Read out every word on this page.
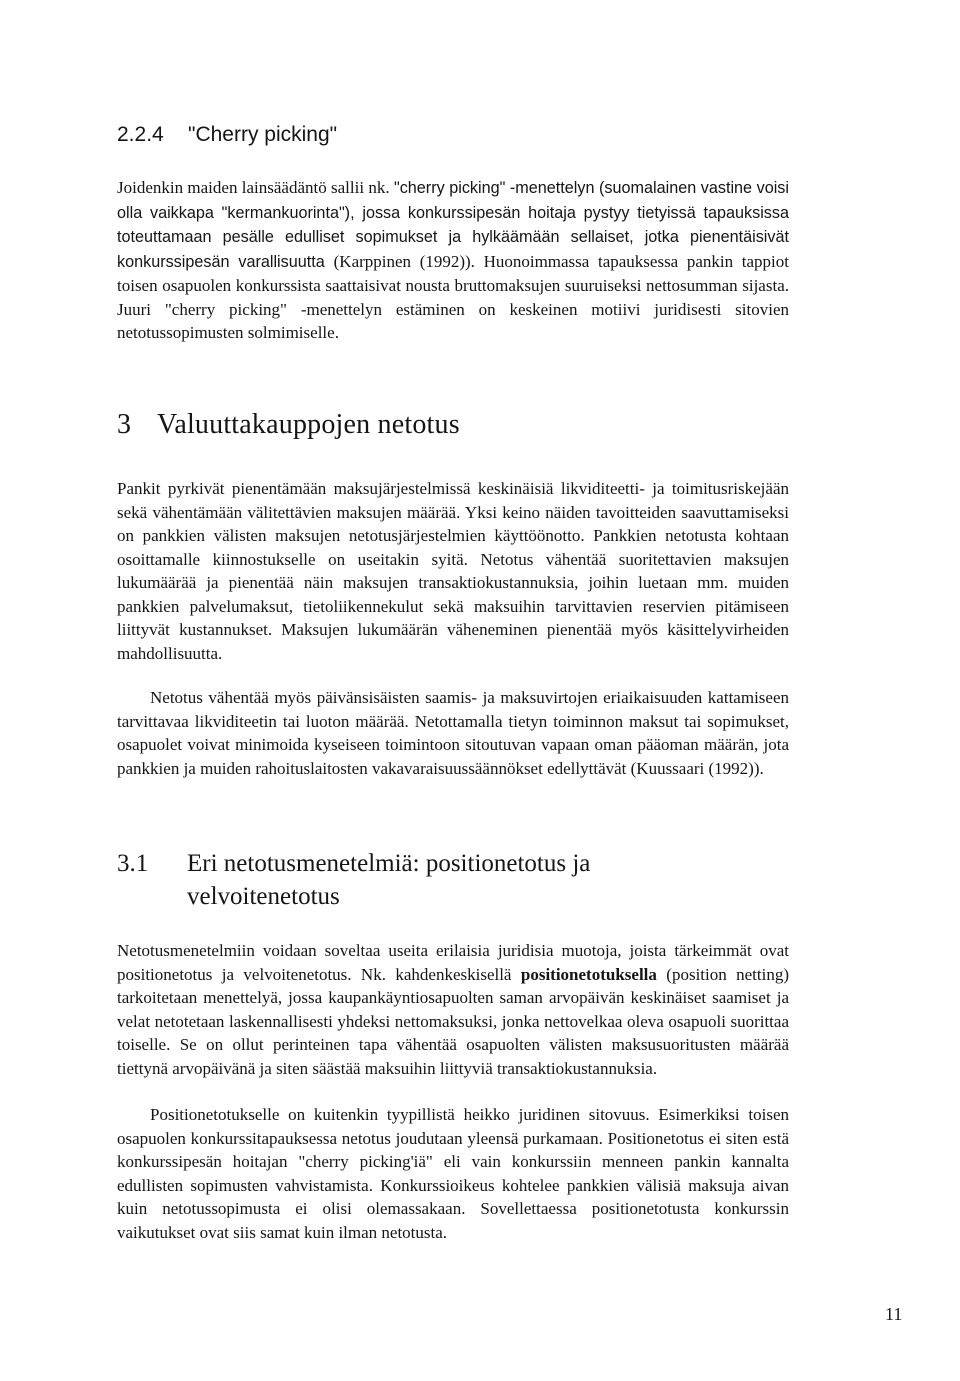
2.2.4 "Cherry picking"
Joidenkin maiden lainsäädäntö sallii nk. "cherry picking" -menettelyn (suomalainen vastine voisi olla vaikkapa "kermankuorinta"), jossa konkurssipesän hoitaja pystyy tietyissä tapauksissa toteuttamaan pesälle edulliset sopimukset ja hylkäämään sellaiset, jotka pienentäisivät konkurssipesän varallisuutta (Karppinen (1992)). Huonoimmassa tapauksessa pankin tappiot toisen osapuolen konkurssista saattaisivat nousta bruttomaksujen suuruiseksi nettosumman sijasta. Juuri "cherry picking" -menettelyn estäminen on keskeinen motiivi juridisesti sitovien netotussopimusten solmimiselle.
3 Valuuttakauppojen netotus
Pankit pyrkivät pienentämään maksujärjestelmissä keskinäisiä likviditeetti- ja toimitusriskejään sekä vähentämään välitettävien maksujen määrää. Yksi keino näiden tavoitteiden saavuttamiseksi on pankkien välisten maksujen netotusjärjestelmien käyttöönotto. Pankkien netotusta kohtaan osoittamalle kiinnostukselle on useitakin syitä. Netotus vähentää suoritettavien maksujen lukumäärää ja pienentää näin maksujen transaktiokustannuksia, joihin luetaan mm. muiden pankkien palvelumaksut, tietoliikennekulut sekä maksuihin tarvittavien reservien pitämiseen liittyvät kustannukset. Maksujen lukumäärän väheneminen pienentää myös käsittelyvirheiden mahdollisuutta.
Netotus vähentää myös päivänsisäisten saamis- ja maksuvirtojen eriaikaisuuden kattamiseen tarvittavaa likviditeetin tai luoton määrää. Netottamalla tietyn toiminnon maksut tai sopimukset, osapuolet voivat minimoida kyseiseen toimintoon sitoutuvan vapaan oman pääoman määrän, jota pankkien ja muiden rahoituslaitosten vakavaraisuussäännökset edellyttävät (Kuussaari (1992)).
3.1 Eri netotusmenetelmiä: positionetotus ja velvoitenetotus
Netotusmenetelmiin voidaan soveltaa useita erilaisia juridisia muotoja, joista tärkeimmät ovat positionetotus ja velvoitenetotus. Nk. kahdenkeskisellä positionetotuksella (position netting) tarkoitetaan menettelyä, jossa kaupankäyntiosapuolten saman arvopäivän keskinäiset saamiset ja velat netotetaan laskennallisesti yhdeksi nettomaksuksi, jonka nettovelkaa oleva osapuoli suorittaa toiselle. Se on ollut perinteinen tapa vähentää osapuolten välisten maksusuoritusten määrää tiettynä arvopäivänä ja siten säästää maksuihin liittyviä transaktiokustannuksia.
Positionetotukselle on kuitenkin tyypillistä heikko juridinen sitovuus. Esimerkiksi toisen osapuolen konkurssitapauksessa netotus joudutaan yleensä purkamaan. Positionetotus ei siten estä konkurssipesän hoitajan "cherry picking'iä" eli vain konkurssiin menneen pankin kannalta edullisten sopimusten vahvistamista. Konkurssioikeus kohtelee pankkien välisiä maksuja aivan kuin netotussopimusta ei olisi olemassakaan. Sovellettaessa positionetotusta konkurssin vaikutukset ovat siis samat kuin ilman netotusta.
11
